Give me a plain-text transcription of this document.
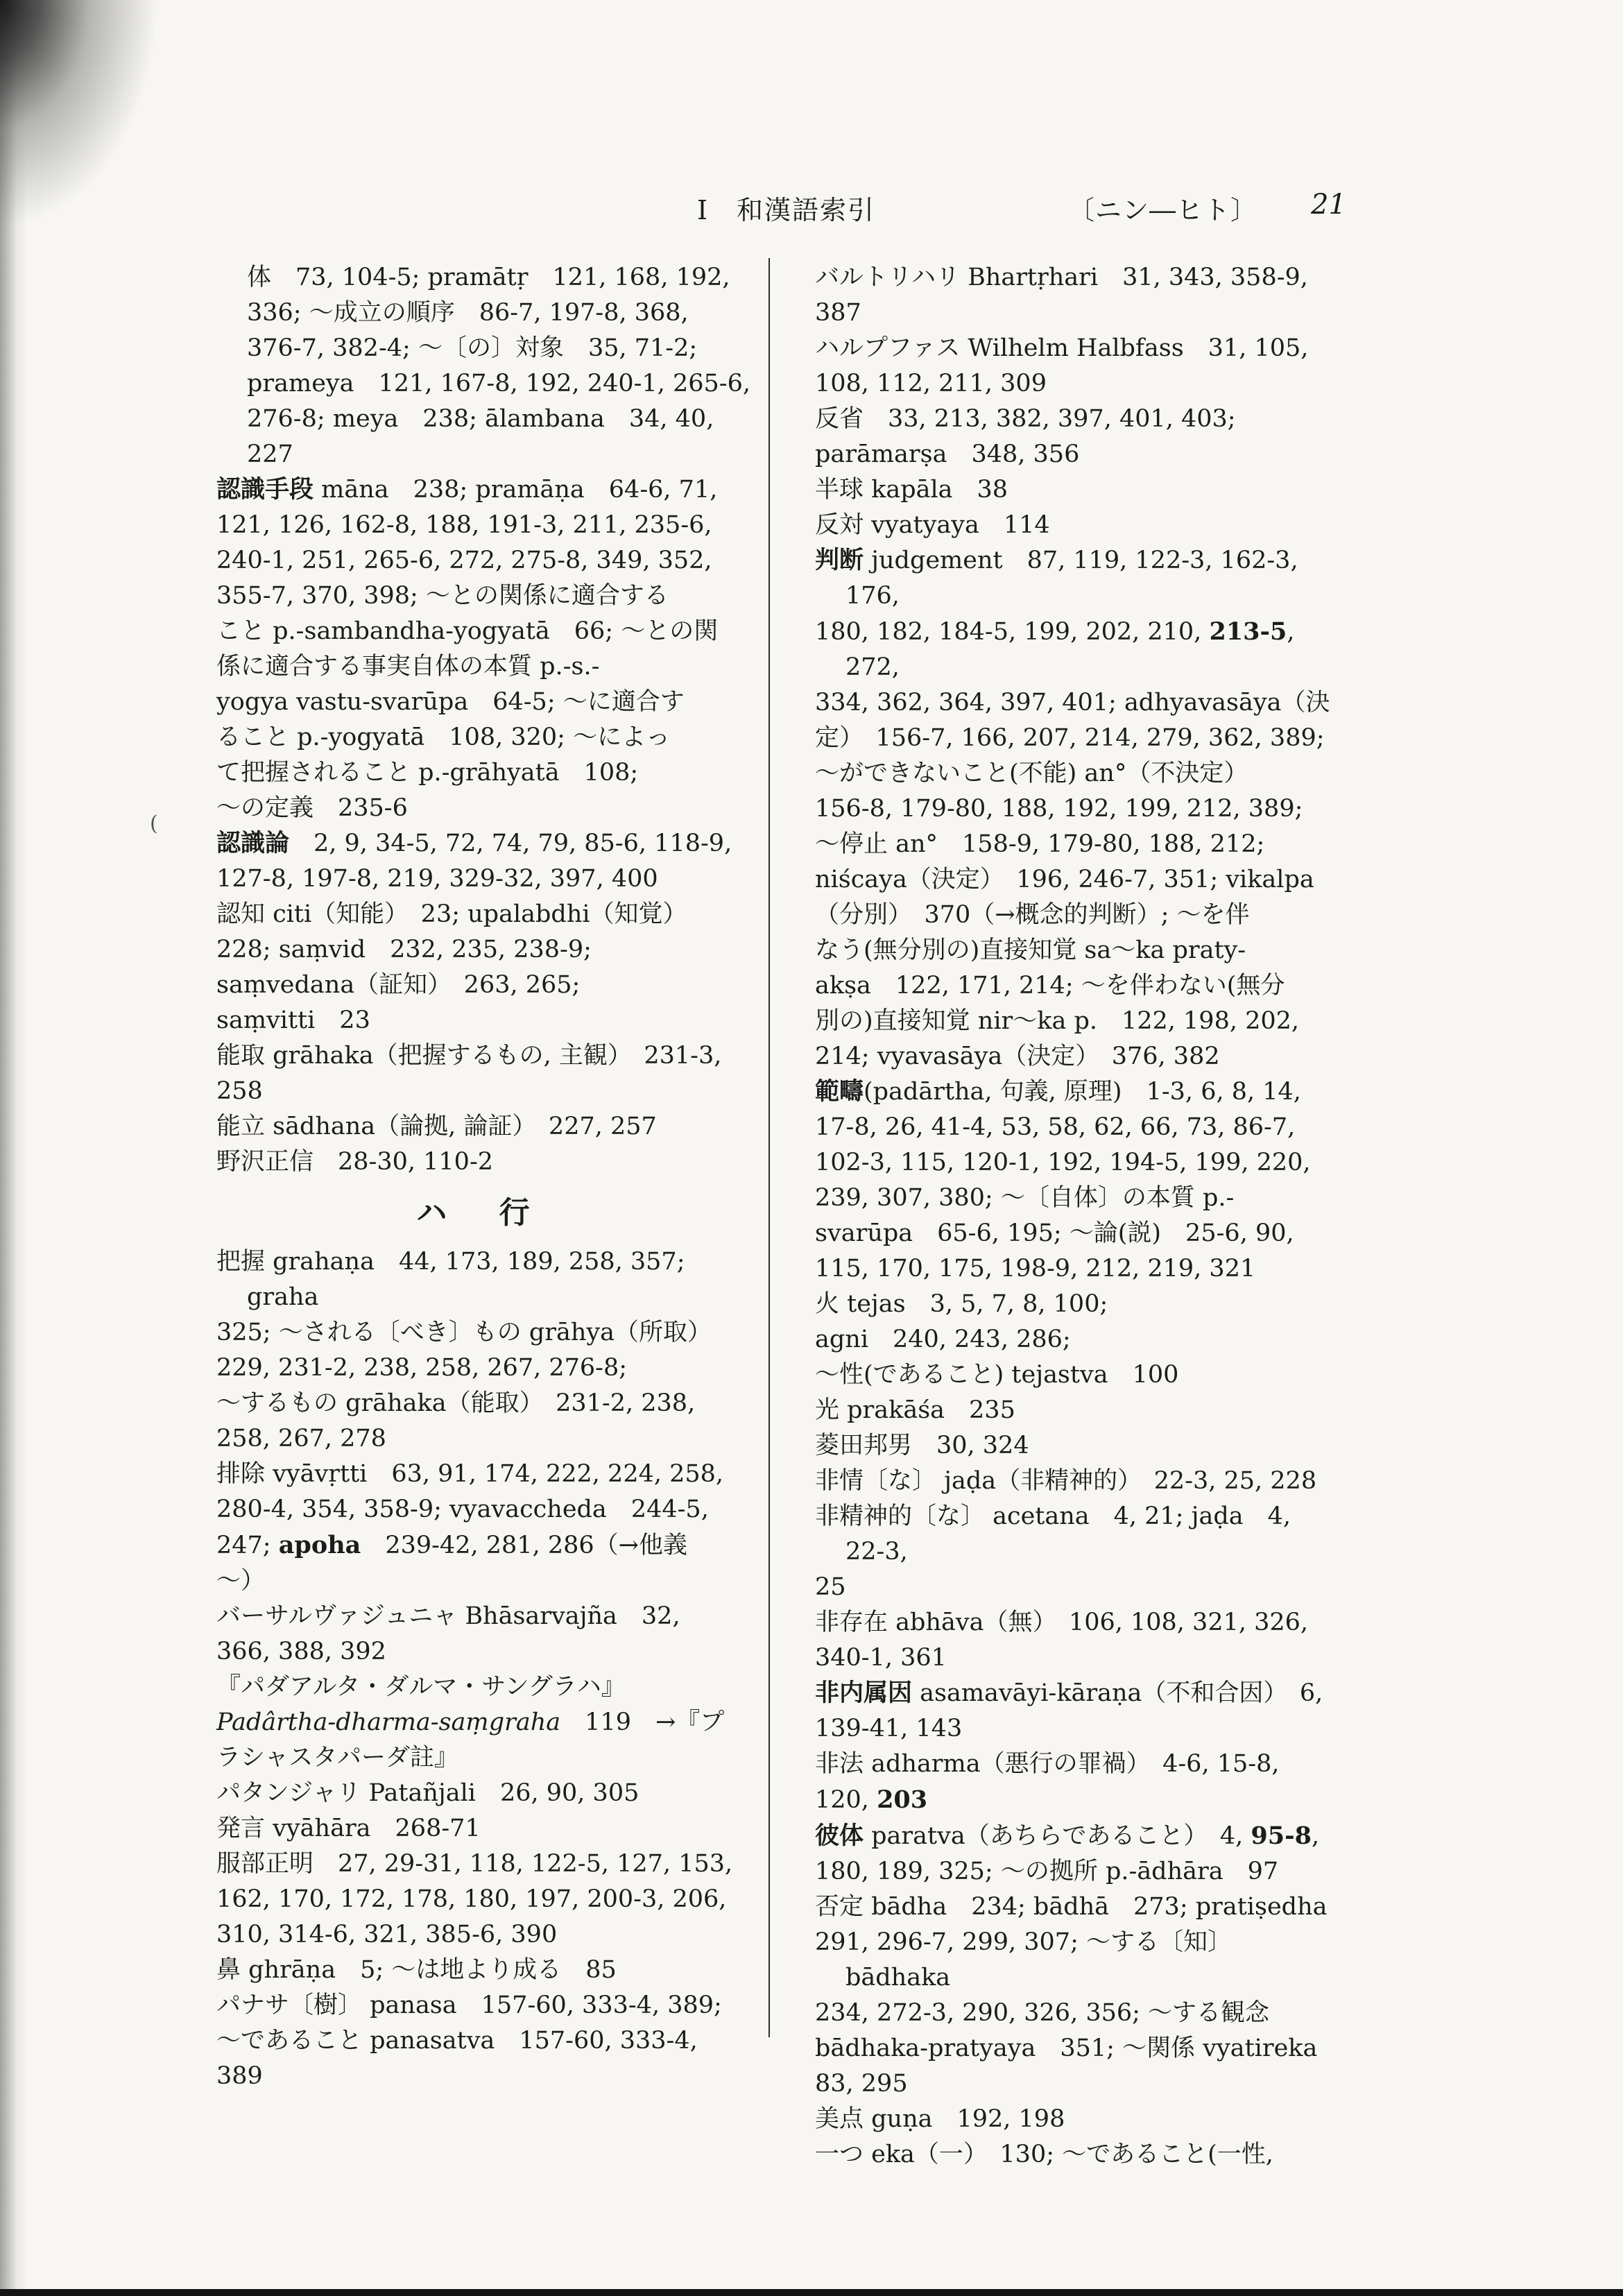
I　和漢語索引	〔ニン―ヒト〕 21
(
体　73, 104-5; pramātṛ　121, 168, 192,
336; ～成立の順序　86-7, 197-8, 368,
376-7, 382-4; ～〔の〕対象　35, 71-2;
prameya　121, 167-8, 192, 240-1, 265-6,
276-8; meya　238; ālambana　34, 40, 227
認識手段 māna　238; pramāṇa　64-6, 71,
121, 126, 162-8, 188, 191-3, 211, 235-6,
240-1, 251, 265-6, 272, 275-8, 349, 352,
355-7, 370, 398; ～との関係に適合する
こと p.-sambandha-yogyatā　66; ～との関
係に適合する事実自体の本質 p.-s.-
yogya vastu-svarūpa　64-5; ～に適合す
ること p.-yogyatā　108, 320; ～によっ
て把握されること p.-grāhyatā　108;
～の定義　235-6
認識論　2, 9, 34-5, 72, 74, 79, 85-6, 118-9,
127-8, 197-8, 219, 329-32, 397, 400
認知 citi（知能）　23; upalabdhi（知覚）
228; saṃvid　232, 235, 238-9;
saṃvedana（証知）　263, 265;
saṃvitti　23
能取 grāhaka（把握するもの, 主観）　231-3,
258
能立 sādhana（論拠, 論証）　227, 257
野沢正信　28-30, 110-2
ハ 行
把握 grahaṇa　44, 173, 189, 258, 357; graha
325; ～される〔べき〕もの grāhya（所取）
229, 231-2, 238, 258, 267, 276-8;
～するもの grāhaka（能取）　231-2, 238,
258, 267, 278
排除 vyāvṛtti　63, 91, 174, 222, 224, 258,
280-4, 354, 358-9; vyavaccheda　244-5,
247; apoha　239-42, 281, 286（→他義
～）
バーサルヴァジュニャ Bhāsarvajña　32,
366, 388, 392
『パダアルタ・ダルマ・サングラハ』
Padârtha-dharma-saṃgraha　119　→『プ
ラシャスタパーダ註』
パタンジャリ Patañjali　26, 90, 305
発言 vyāhāra　268-71
服部正明　27, 29-31, 118, 122-5, 127, 153,
162, 170, 172, 178, 180, 197, 200-3, 206,
310, 314-6, 321, 385-6, 390
鼻 ghrāṇa　5; ～は地より成る　85
パナサ〔樹〕 panasa　157-60, 333-4, 389;
～であること panasatva　157-60, 333-4,
389
バルトリハリ Bhartṛhari　31, 343, 358-9,
387
ハルプファス Wilhelm Halbfass　31, 105,
108, 112, 211, 309
反省　33, 213, 382, 397, 401, 403;
parāmarṣa　348, 356
半球 kapāla　38
反対 vyatyaya　114
判断 judgement　87, 119, 122-3, 162-3, 176,
180, 182, 184-5, 199, 202, 210, 213-5, 272,
334, 362, 364, 397, 401; adhyavasāya（決
定）　156-7, 166, 207, 214, 279, 362, 389;
～ができないこと(不能) an°（不決定）
156-8, 179-80, 188, 192, 199, 212, 389;
～停止 an°　158-9, 179-80, 188, 212;
niścaya（決定）　196, 246-7, 351; vikalpa
（分別）　370（→概念的判断）; ～を伴
なう(無分別の)直接知覚 sa～ka praty-
akṣa　122, 171, 214; ～を伴わない(無分
別の)直接知覚 nir～ka p.　122, 198, 202,
214; vyavasāya（決定）　376, 382
範疇(padārtha, 句義, 原理)　1-3, 6, 8, 14,
17-8, 26, 41-4, 53, 58, 62, 66, 73, 86-7,
102-3, 115, 120-1, 192, 194-5, 199, 220,
239, 307, 380; ～〔自体〕の本質 p.-
svarūpa　65-6, 195; ～論(説)　25-6, 90,
115, 170, 175, 198-9, 212, 219, 321
火 tejas　3, 5, 7, 8, 100;
agni　240, 243, 286;
～性(であること) tejastva　100
光 prakāśa　235
菱田邦男　30, 324
非情〔な〕 jaḍa（非精神的）　22-3, 25, 228
非精神的〔な〕 acetana　4, 21; jaḍa　4, 22-3,
25
非存在 abhāva（無）　106, 108, 321, 326,
340-1, 361
非内属因 asamavāyi-kāraṇa（不和合因）　6,
139-41, 143
非法 adharma（悪行の罪禍）　4-6, 15-8,
120, 203
彼体 paratva（あちらであること）　4, 95-8,
180, 189, 325; ～の拠所 p.-ādhāra　97
否定 bādha　234; bādhā　273; pratiṣedha
291, 296-7, 299, 307; ～する〔知〕 bādhaka
234, 272-3, 290, 326, 356; ～する観念
bādhaka-pratyaya　351; ～関係 vyatireka
83, 295
美点 guṇa　192, 198
一つ eka（一）　130; ～であること(一性,
